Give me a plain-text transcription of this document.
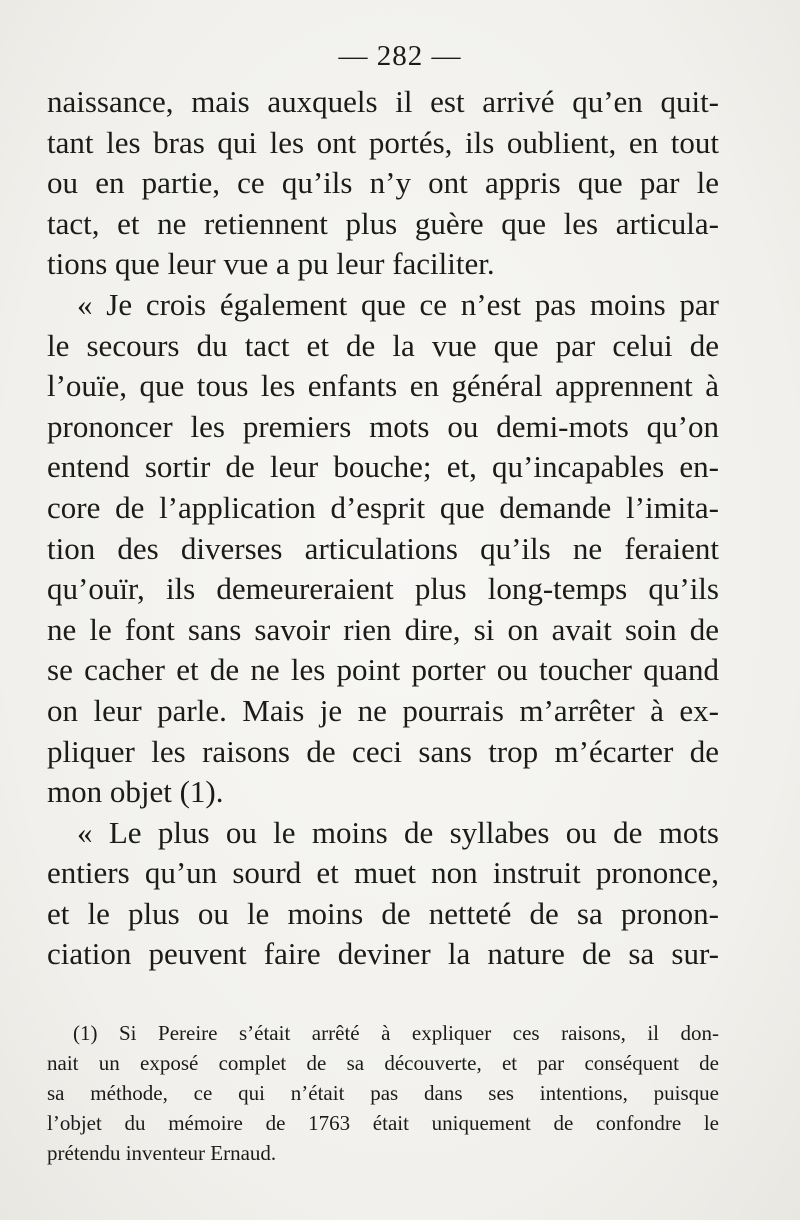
— 282 —
naissance, mais auxquels il est arrivé qu’en quit-
tant les bras qui les ont portés, ils oublient, en tout
ou en partie, ce qu’ils n’y ont appris que par le
tact, et ne retiennent plus guère que les articula-
tions que leur vue a pu leur faciliter.
« Je crois également que ce n’est pas moins par
le secours du tact et de la vue que par celui de
l’ouïe, que tous les enfants en général apprennent à
prononcer les premiers mots ou demi-mots qu’on
entend sortir de leur bouche; et, qu’incapables en-
core de l’application d’esprit que demande l’imita-
tion des diverses articulations qu’ils ne feraient
qu’ouïr, ils demeureraient plus long-temps qu’ils
ne le font sans savoir rien dire, si on avait soin de
se cacher et de ne les point porter ou toucher quand
on leur parle. Mais je ne pourrais m’arrêter à ex-
pliquer les raisons de ceci sans trop m’écarter de
mon objet (1).
« Le plus ou le moins de syllabes ou de mots
entiers qu’un sourd et muet non instruit prononce,
et le plus ou le moins de netteté de sa pronon-
ciation peuvent faire deviner la nature de sa sur-
(1) Si Pereire s’était arrêté à expliquer ces raisons, il don-
nait un exposé complet de sa découverte, et par conséquent de
sa méthode, ce qui n’était pas dans ses intentions, puisque
l’objet du mémoire de 1763 était uniquement de confondre le
prétendu inventeur Ernaud.
